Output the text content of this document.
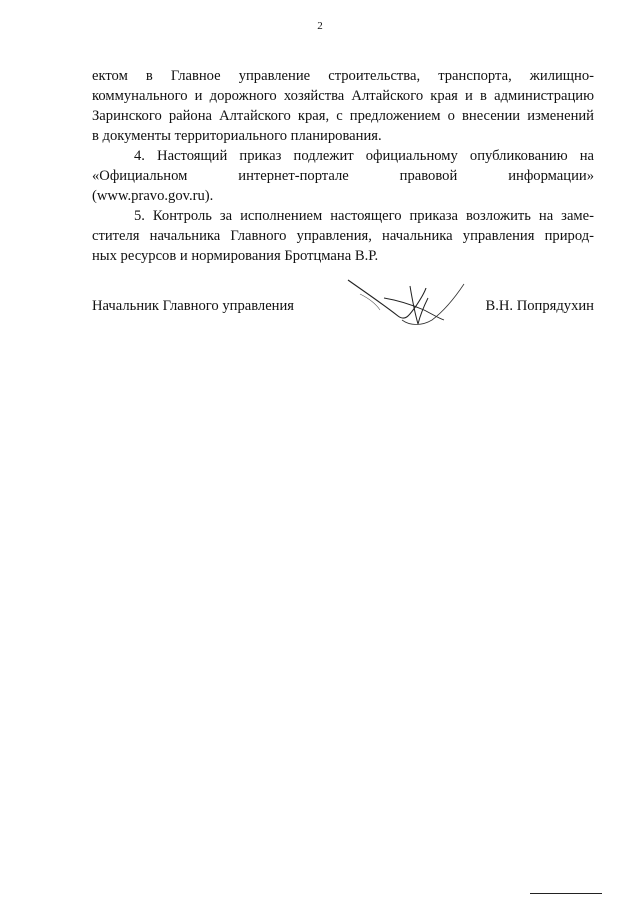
2

ектом в Главное управление строительства, транспорта, жилищно-
коммунального и дорожного хозяйства Алтайского края и в администрацию
Заринского района Алтайского края, с предложением о внесении изменений
в документы территориального планирования.

4. Настоящий приказ подлежит официальному опубликованию на
«Официальном интернет-портале правовой информации»
(www.pravo.gov.ru).

5. Контроль за исполнением настоящего приказа возложить на заме-
стителя начальника Главного управления, начальника управления природ-
ных ресурсов и нормирования Бротцмана В.Р.

Начальник Главного управления	В.Н. Попрядухин
